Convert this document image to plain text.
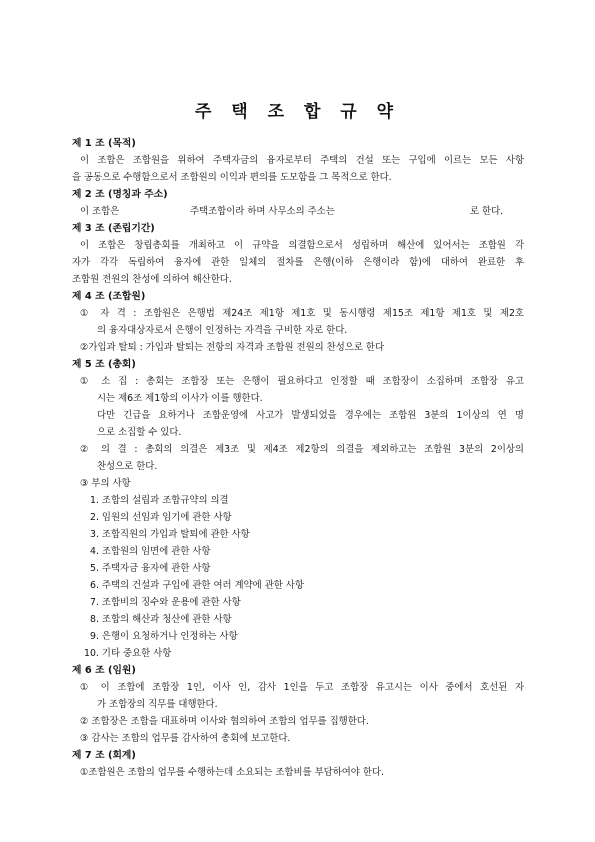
주 택 조 합 규 약
제 1 조 (목적)
이 조합은 조합원을 위하여 주택자금의 융자로부터 주택의 건설 또는 구입에 이르는 모든 사항
을 공동으로 수행함으로서 조합원의 이익과 편의를 도모함을 그 목적으로 한다.
제 2 조 (명칭과 주소)
이 조합은	주택조합이라 하며 사무소의 주소는	로 한다.
제 3 조 (존립기간)
이 조합은 창립총회를 개최하고 이 규약을 의결함으로서 성립하며 해산에 있어서는 조합원 각
자가 각각 독립하여 융자에 관한 일체의 절차를 은행(이하 은행이라 함)에 대하여 완료한 후
조합원 전원의 찬성에 의하여 해산한다.
제 4 조 (조합원)
① 자 격 : 조합원은 은행법 제24조 제1항 제1호 및 동시행령 제15조 제1항 제1호 및 제2호
의 융자대상자로서 은행이 인정하는 자격을 구비한 자로 한다.
②가입과 탈퇴 : 가입과 탈퇴는 전항의 자격과 조합원 전원의 찬성으로 한다
제 5 조 (총회)
① 소 집 : 총회는 조합장 또는 은행이 필요하다고 인정할 때 조합장이 소집하며 조합장 유고
시는 제6조 제1항의 이사가 이를 행한다.
다만 긴급을 요하거나 조합운영에 사고가 발생되었을 경우에는 조합원 3분의 1이상의 연 명
으로 소집할 수 있다.
② 의 결 : 총회의 의결은 제3조 및 제4조 제2항의 의결을 제외하고는 조합원 3분의 2이상의
찬성으로 한다.
③ 부의 사항
1. 조합의 설립과 조합규약의 의결
2. 임원의 선임과 임기에 관한 사항
3. 조합직원의 가입과 탈퇴에 관한 사항
4. 조합원의 임면에 관한 사항
5. 주택자금 융자에 관한 사항
6. 주택의 건설과 구입에 관한 여러 계약에 관한 사항
7. 조합비의 징수와 운용에 관한 사항
8. 조합의 해산과 청산에 관한 사항
9. 은행이 요청하거나 인정하는 사항
10. 기타 중요한 사항
제 6 조 (임원)
① 이 조합에 조합장 1인, 이사 인, 감사 1인을 두고 조합장 유고시는 이사 중에서 호선된 자
가 조합장의 직무를 대행한다.
② 조합장은 조합을 대표하며 이사와 협의하여 조합의 업무를 집행한다.
③ 감사는 조합의 업무를 감사하여 총회에 보고한다.
제 7 조 (회계)
①조합원은 조합의 업무를 수행하는데 소요되는 조합비를 부담하여야 한다.
